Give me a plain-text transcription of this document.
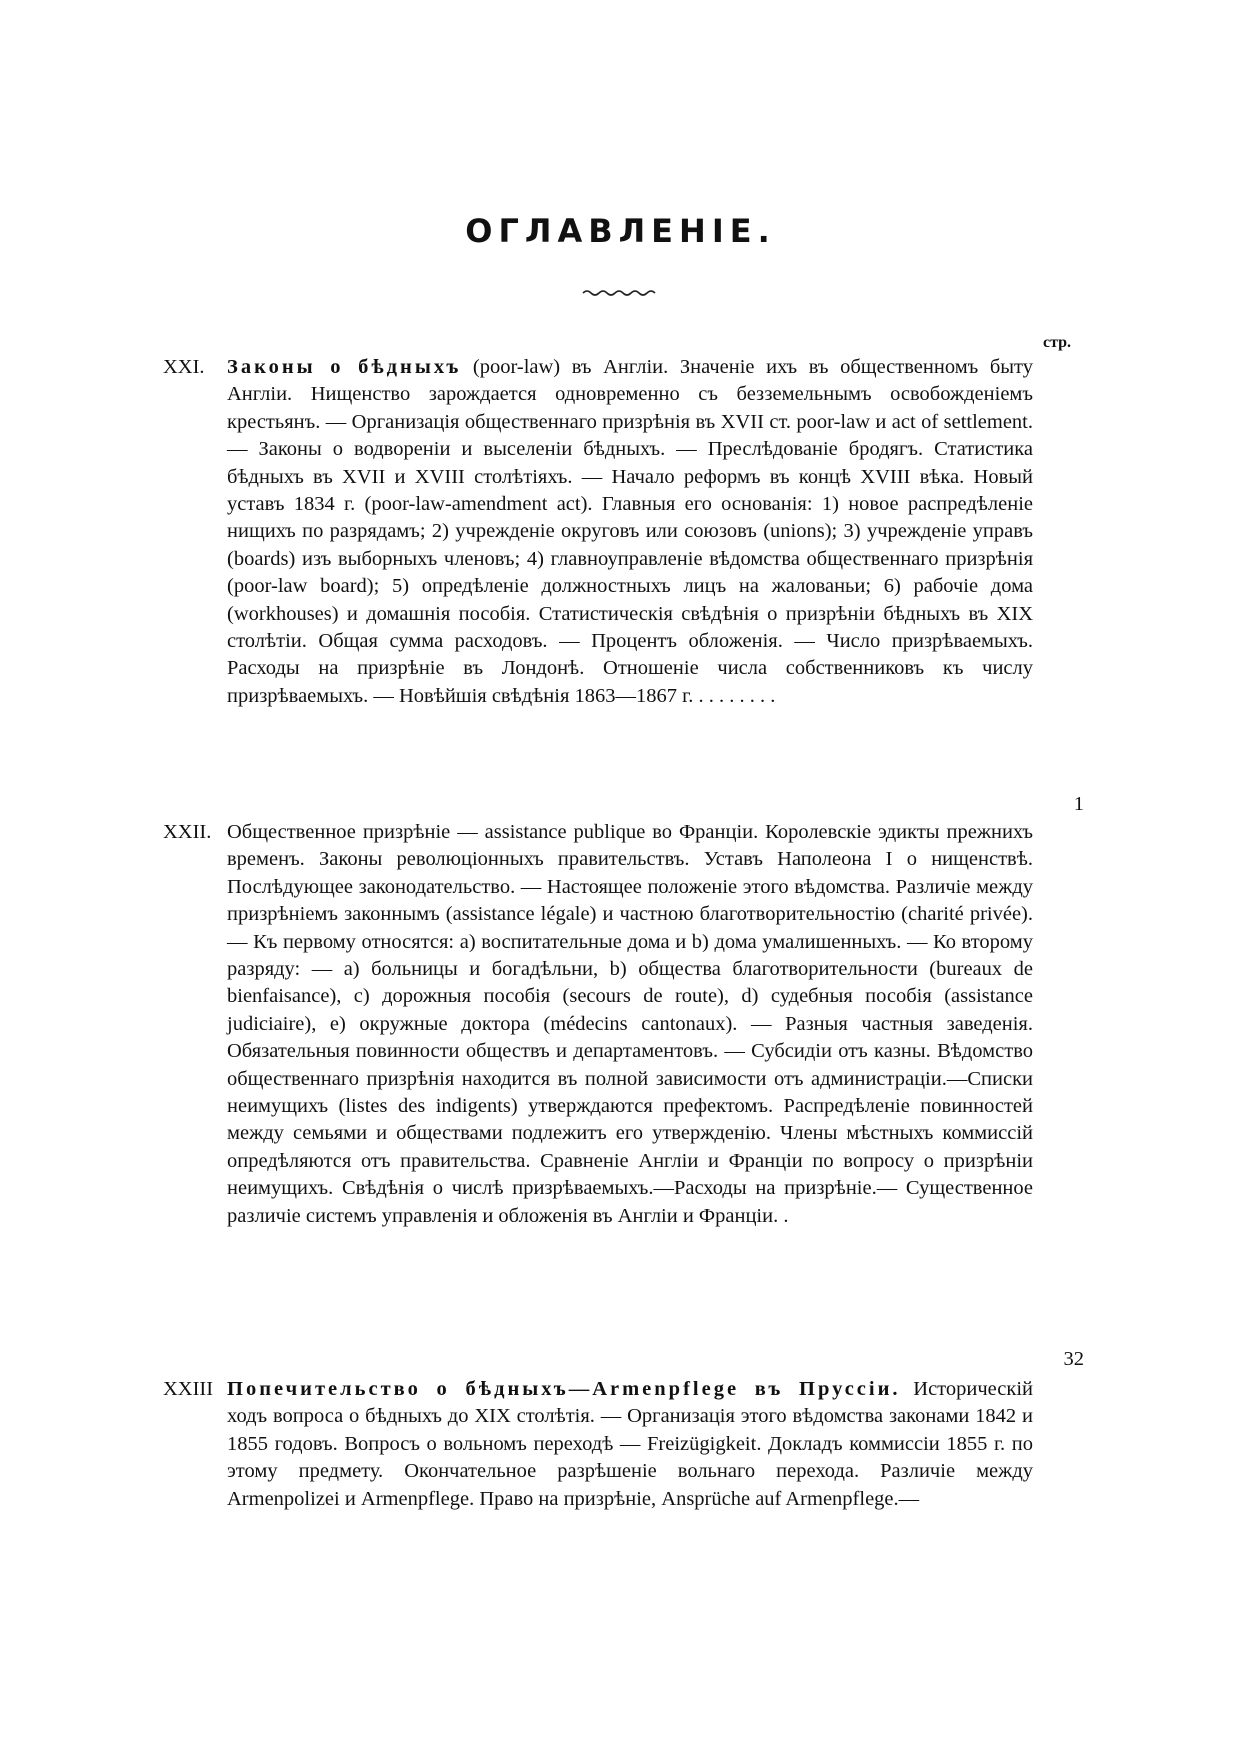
ОГЛАВЛЕНІЕ.
стр.
XXI. Законы о бѣдныхъ (poor-law) въ Англіи. Значеніе ихъ въ общественномъ быту Англіи. Нищенство зарождается одновременно съ безземельнымъ освобожденіемъ крестьянъ. — Организація общественнаго призрѣнія въ XVII ст. poor-law и act of settlement.— Законы о водвореніи и выселеніи бѣдныхъ. — Преслѣдованіе бродягъ. Статистика бѣдныхъ въ XVII и XVIII столѣтіяхъ. — Начало реформъ въ концѣ XVIII вѣка. Новый уставъ 1834 г. (poor-law-amendment act). Главныя его основанія: 1) новое распредѣленіе нищихъ по разрядамъ; 2) учрежденіе округовъ или союзовъ (unions); 3) учрежденіе управъ (boards) изъ выборныхъ членовъ; 4) главноуправленіе вѣдомства общественнаго призрѣнія (poor-law board); 5) опредѣленіе должностныхъ лицъ на жалованьи; 6) рабочіе дома (workhouses) и домашнія пособія. Статистическія свѣдѣнія о призрѣніи бѣдныхъ въ XIX столѣтіи. Общая сумма расходовъ. — Процентъ обложенія. — Число призрѣваемыхъ. Расходы на призрѣніе въ Лондонѣ. Отношеніе числа собственниковъ къ числу призрѣваемыхъ. — Новѣйшія свѣдѣнія 1863—1867 г. . . . . . . . .
1
XXII. Общественное призрѣніе — assistance publique во Франціи. Королевскіе эдикты прежнихъ временъ. Законы революціонныхъ правительствъ. Уставъ Наполеона I о нищенствѣ. Послѣдующее законодательство. — Настоящее положеніе этого вѣдомства. Различіе между призрѣніемъ законнымъ (assistance légale) и частною благотворительностію (charité privée). — Къ первому относятся: a) воспитательные дома и b) дома умалишенныхъ. — Ко второму разряду: — a) больницы и богадѣльни, b) общества благотворительности (bureaux de bienfaisance), c) дорожныя пособія (secours de route), d) судебныя пособія (assistance judiciaire), e) окружные доктора (médecins cantonaux). — Разныя частныя заведенія. Обязательныя повинности обществъ и департаментовъ. — Субсидіи отъ казны. Вѣдомство общественнаго призрѣнія находится въ полной зависимости отъ администраціи.—Списки неимущихъ (listes des indigents) утверждаются префектомъ. Распредѣленіе повинностей между семьями и обществами подлежитъ его утвержденію. Члены мѣстныхъ коммиссій опредѣляются отъ правительства. Сравненіе Англіи и Франціи по вопросу о призрѣніи неимущихъ. Свѣдѣнія о числѣ призрѣваемыхъ.—Расходы на призрѣніе.— Существенное различіе системъ управленія и обложенія въ Англіи и Франціи. .
32
XXIII Попечительство о бѣдныхъ—Armenpflege въ Пруссіи. Историческій ходъ вопроса о бѣдныхъ до XIX столѣтія. — Организація этого вѣдомства законами 1842 и 1855 годовъ. Вопросъ о вольномъ переходѣ — Freizügigkeit. Докладъ коммиссіи 1855 г. по этому предмету. Окончательное разрѣшеніе вольнаго перехода. Различіе между Armenpolizei и Armenpflege. Право на призрѣніе, Ansprüche auf Armenpflege.—
